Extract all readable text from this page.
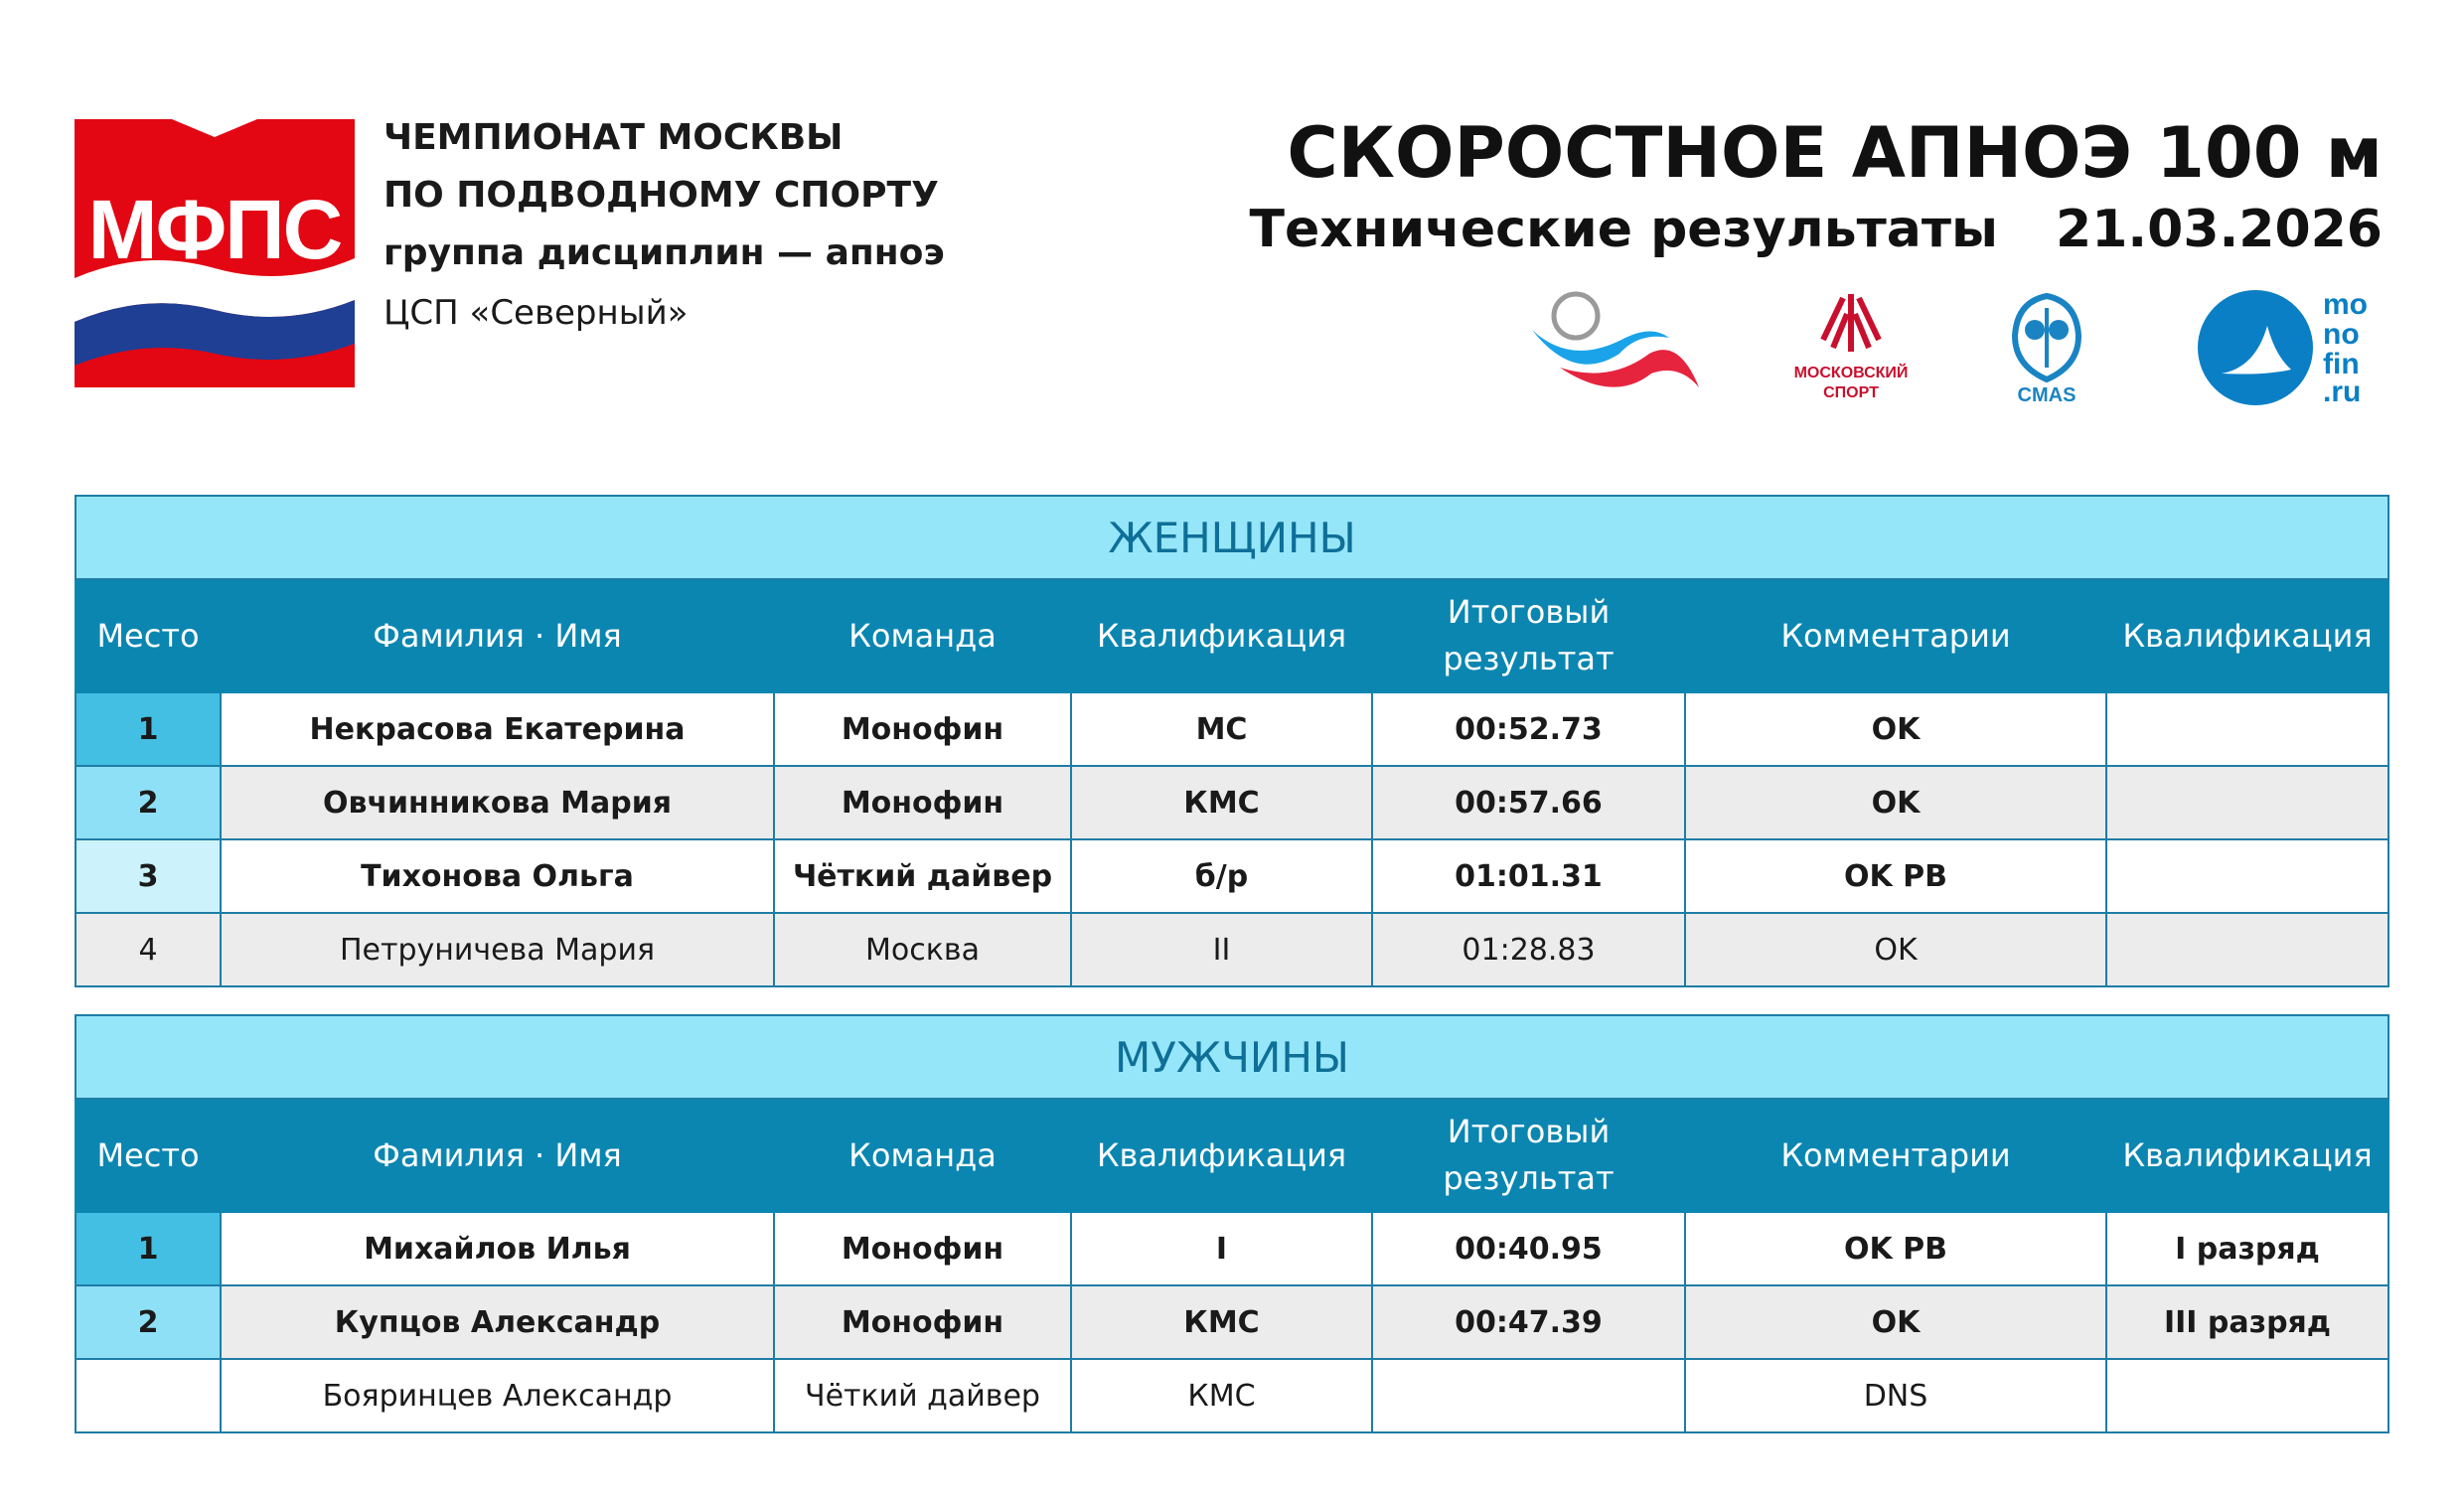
МФПС
ЧЕМПИОНАТ МОСКВЫ
ПО ПОДВОДНОМУ СПОРТУ
группа дисциплин — апноэ
ЦСП «Северный»
СКОРОСТНОЕ АПНОЭ 100 м
Технические результаты 21.03.2026
МОСКОВСКИЙ
СПОРТ	CMAS
mo
no
fin
.ru
ЖЕНЩИНЫ						
Место	Фамилия · Имя	Команда	Квалификация	Итоговый результат	Комментарии	Квалификация
1	Некрасова Екатерина	Монофин	МС	00:52.73	OK	
2	Овчинникова Мария	Монофин	КМС	00:57.66	OK	
3	Тихонова Ольга	Чёткий дайвер	б/р	01:01.31	OK PB	
4	Петруничева Мария	Москва	II	01:28.83	OK	
МУЖЧИНЫ						
Место	Фамилия · Имя	Команда	Квалификация	Итоговый результат	Комментарии	Квалификация
1	Михайлов Илья	Монофин	I	00:40.95	OK PB	I разряд
2	Купцов Александр	Монофин	КМС	00:47.39	OK	III разряд
	Бояринцев Александр	Чёткий дайвер	КМС		DNS	
